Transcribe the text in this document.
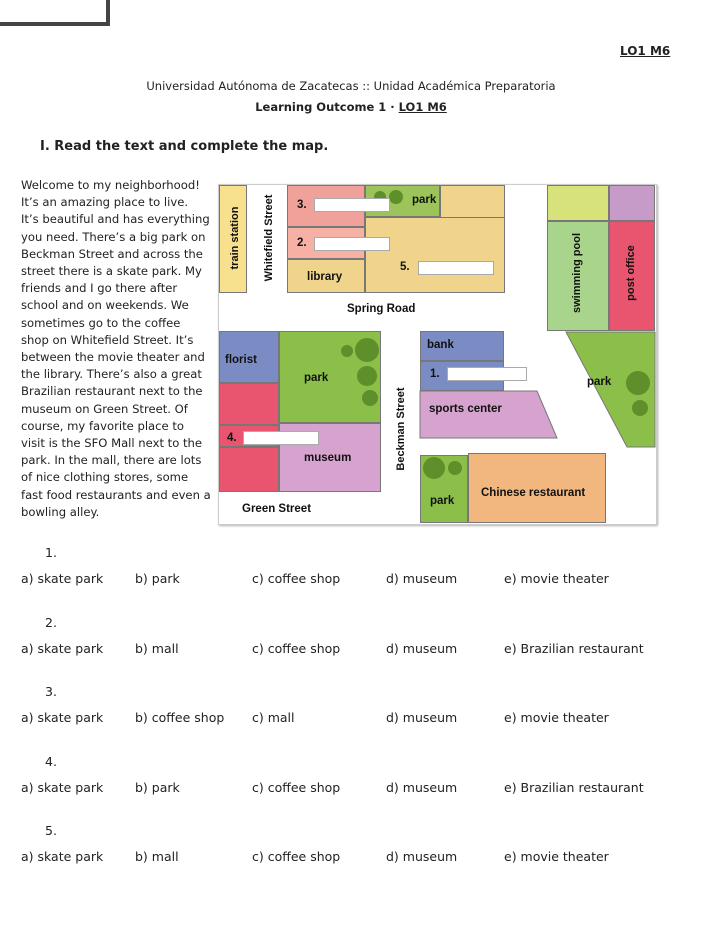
LO1 M6
Universidad Autónoma de Zacatecas :: Unidad Académica Preparatoria
Learning Outcome 1 · LO1 M6
I. Read the text and complete the map.
Welcome to my neighborhood!
It’s an amazing place to live.
It’s beautiful and has everything
you need. There’s a big park on
Beckman Street and across the
street there is a skate park. My
friends and I go there after
school and on weekends. We
sometimes go to the coffee
shop on Whitefield Street. It’s
between the movie theater and
the library. There’s also a great
Brazilian restaurant next to the
museum on Green Street. Of
course, my favorite place to
visit is the SFO Mall next to the
park. In the mall, there are lots
of nice clothing stores, some
fast food restaurants and even a
bowling alley.
train station Whitefield Street	library
park
swimming pool	post office
Spring Road
florist
park
museum
Green Street
Beckman Street
bank
sports center
park
park
Chinese restaurant
3.
2.
5.
1.
4.
1.
a) skate park	b) park	c) coffee shop	d) museum	e) movie theater
2.
a) skate park	b) mall	c) coffee shop	d) museum	e) Brazilian restaurant
3.
a) skate park	b) coffee shop c) mall	d) museum	e) movie theater
4.
a) skate park	b) park	c) coffee shop	d) museum	e) Brazilian restaurant
5.
a) skate park	b) mall	c) coffee shop	d) museum	e) movie theater
